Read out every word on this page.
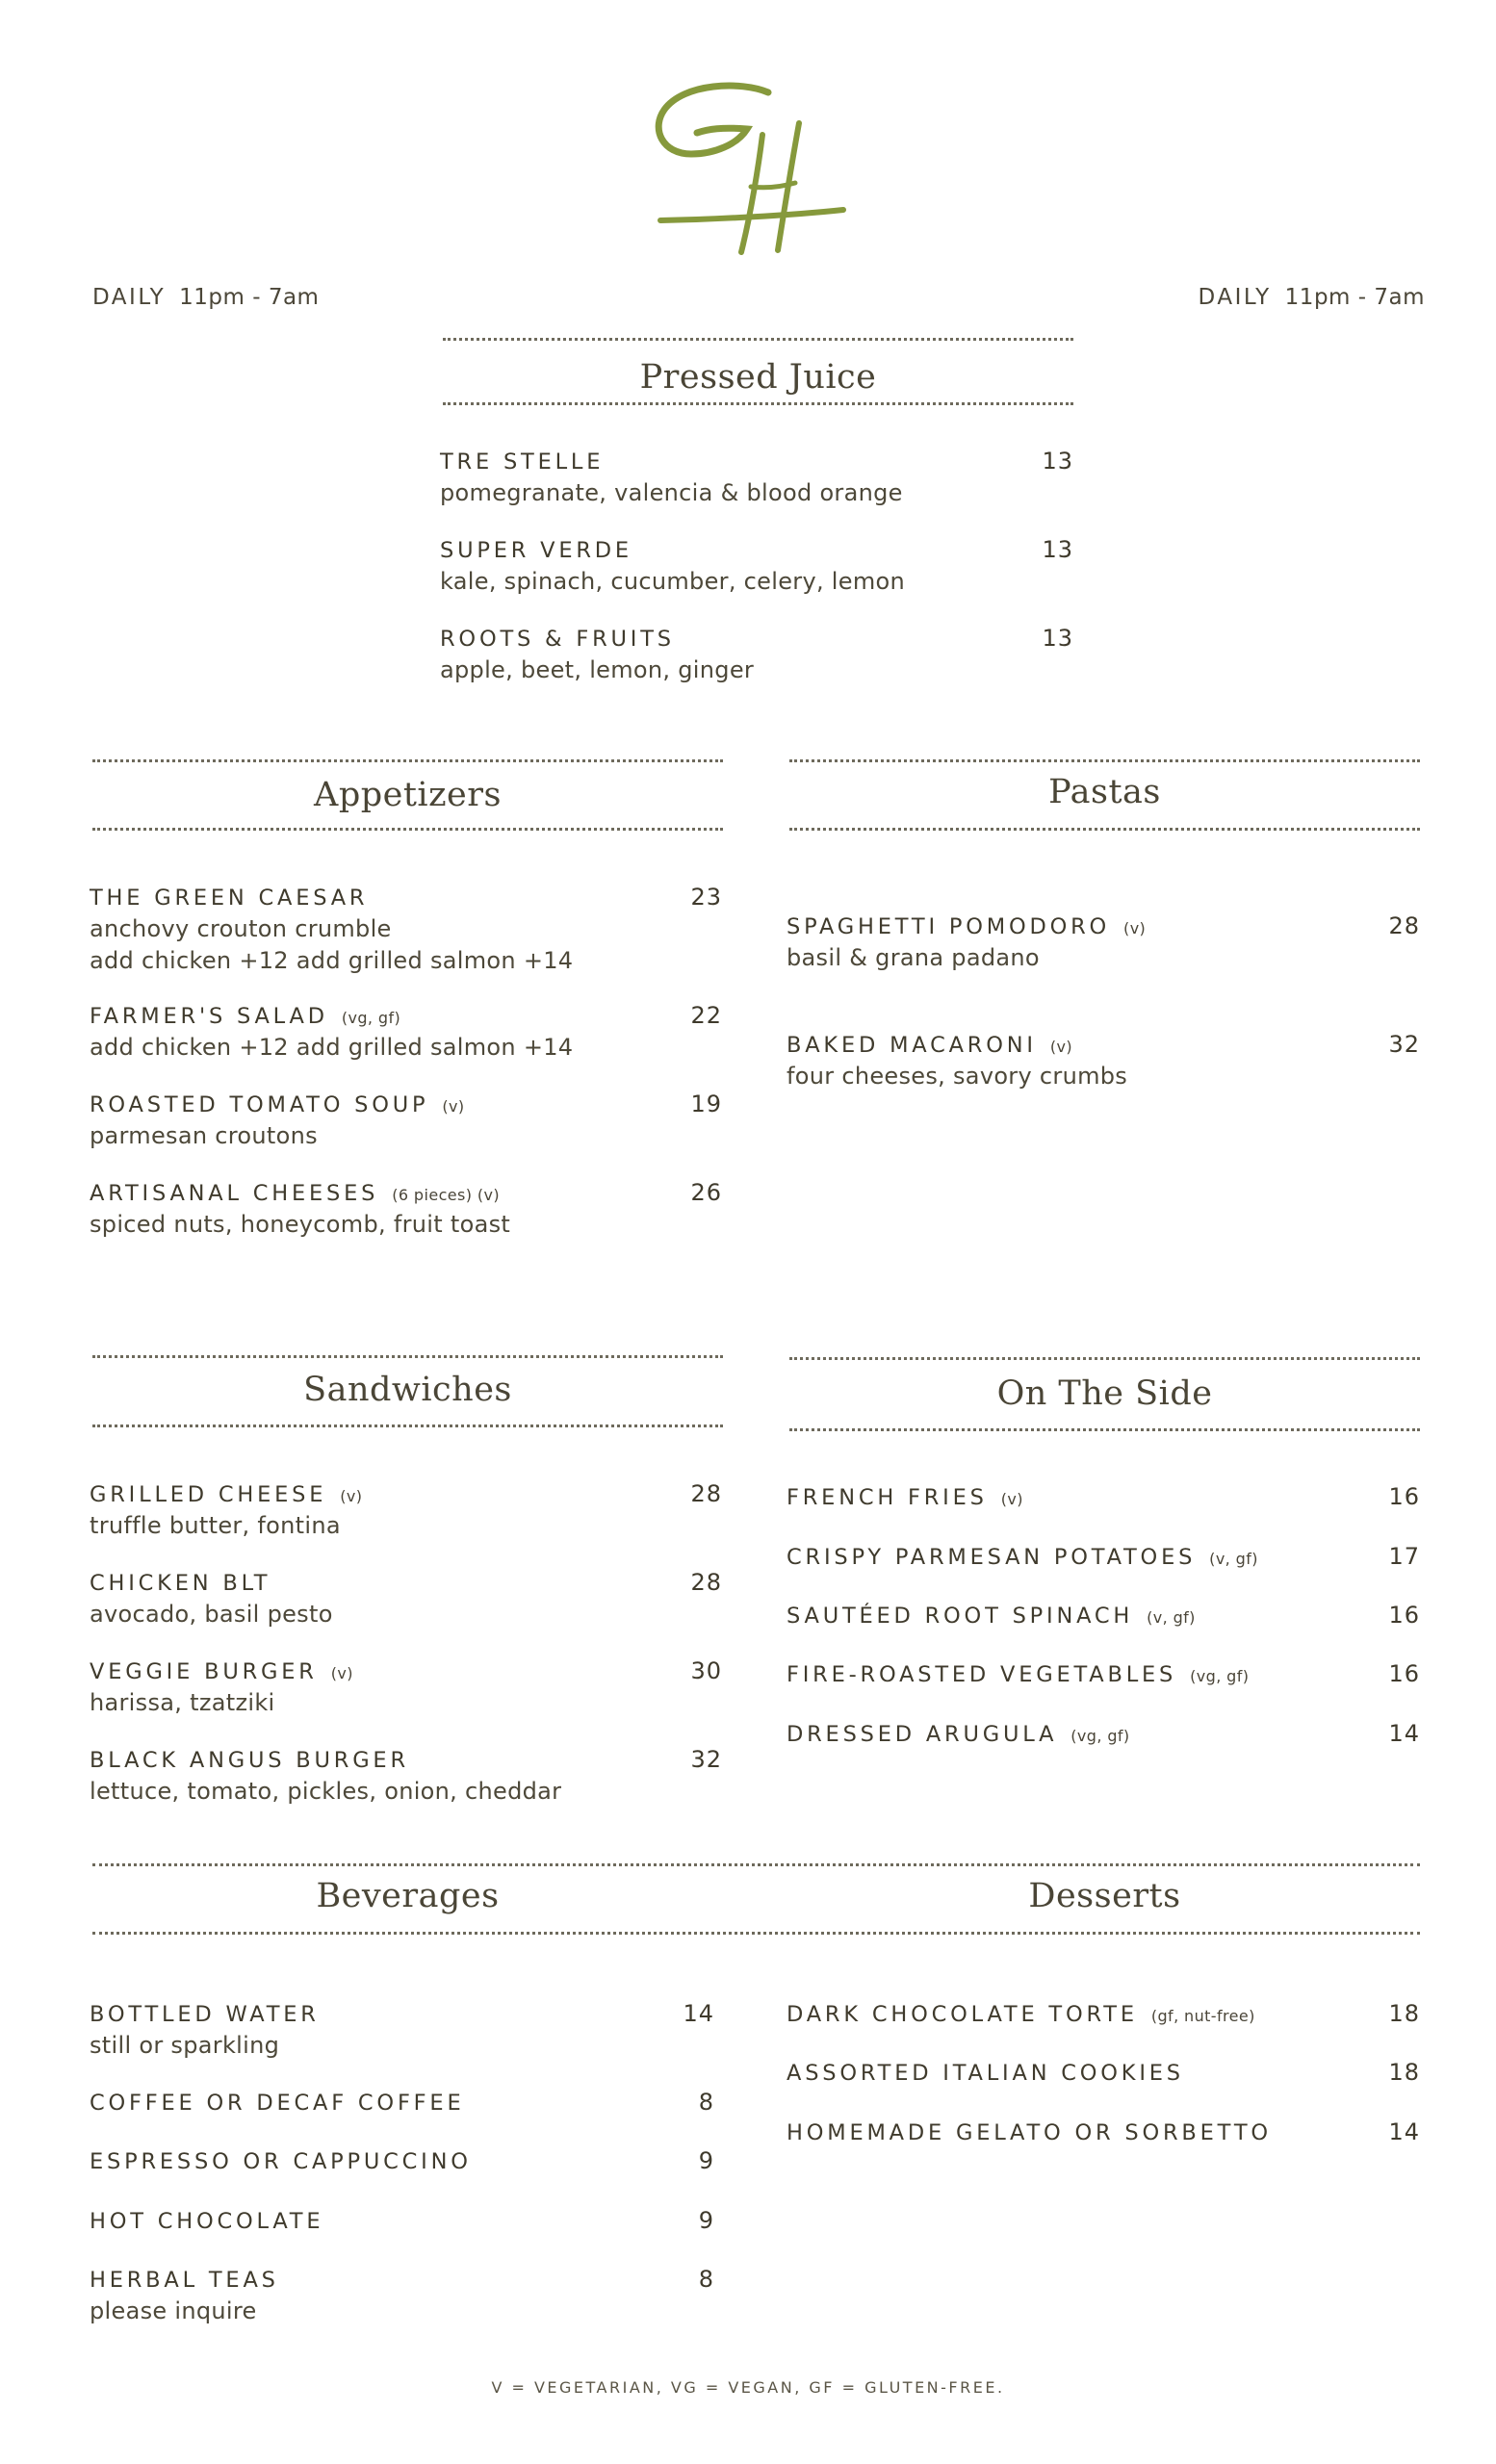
DAILY 11pm - 7am	DAILY 11pm - 7am
Pressed Juice
TRE STELLE
pomegranate, valencia & blood orange
13
SUPER VERDE
kale, spinach, cucumber, celery, lemon
13
ROOTS & FRUITS
apple, beet, lemon, ginger
13
Appetizers
THE GREEN CAESAR
anchovy crouton crumble
add chicken +12 add grilled salmon +14
23
FARMER'S SALAD (vg, gf)
add chicken +12 add grilled salmon +14
22
ROASTED TOMATO SOUP (v)
parmesan croutons
19
ARTISANAL CHEESES (6 pieces) (v)
spiced nuts, honeycomb, fruit toast
26
Pastas
SPAGHETTI POMODORO (v)
basil & grana padano
28
BAKED MACARONI (v)
four cheeses, savory crumbs
32
Sandwiches
GRILLED CHEESE (v)
truffle butter, fontina
28
CHICKEN BLT
avocado, basil pesto
28
VEGGIE BURGER (v)
harissa, tzatziki
30
BLACK ANGUS BURGER
lettuce, tomato, pickles, onion, cheddar
32
On The Side
FRENCH FRIES (v)	16
CRISPY PARMESAN POTATOES (v, gf)	17
SAUTÉED ROOT SPINACH (v, gf)	16
FIRE-ROASTED VEGETABLES (vg, gf)	16
DRESSED ARUGULA (vg, gf)	14
Beverages	Desserts
BOTTLED WATER
still or sparkling
14
COFFEE OR DECAF COFFEE	8
ESPRESSO OR CAPPUCCINO	9
HOT CHOCOLATE	9
HERBAL TEAS
please inquire
8
DARK CHOCOLATE TORTE (gf, nut-free)	18
ASSORTED ITALIAN COOKIES	18
HOMEMADE GELATO OR SORBETTO	14
V = VEGETARIAN, VG = VEGAN, GF = GLUTEN-FREE.
